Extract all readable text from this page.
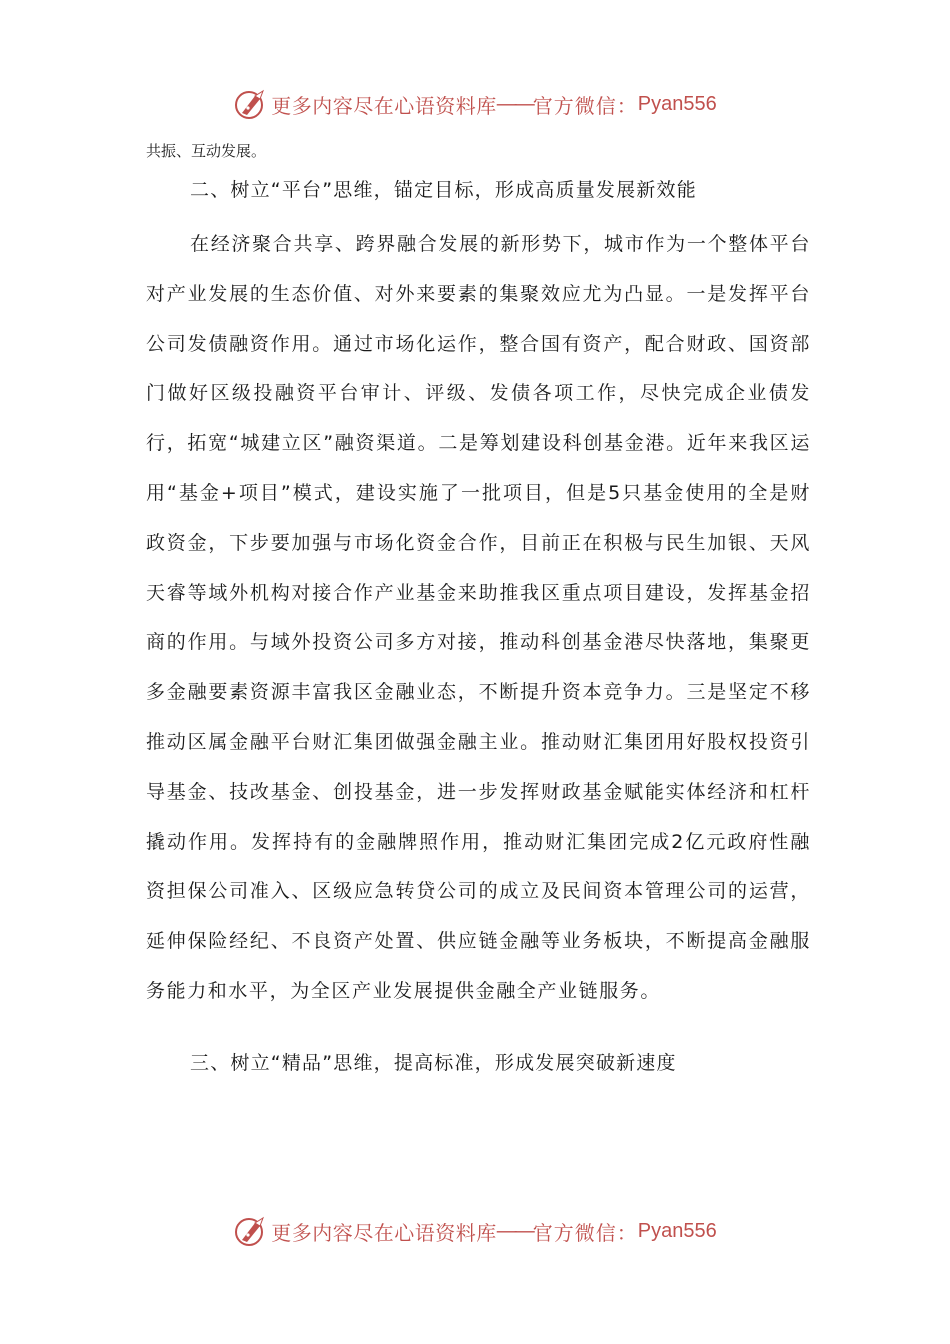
更多内容尽在心语资料库 —— 官方微信： Pyan556

共振、互动发展。

二、树立“平台”思维，锚定目标，形成高质量发展新效能

在经济聚合共享、跨界融合发展的新形势下，城市作为一个整体平台对产业发展的生态价值、对外来要素的集聚效应尤为凸显。一是发挥平台公司发债融资作用。通过市场化运作，整合国有资产，配合财政、国资部门做好区级投融资平台审计、评级、发债各项工作，尽快完成企业债发行，拓宽“城建立区”融资渠道。二是筹划建设科创基金港。近年来我区运用“基金+项目”模式，建设实施了一批项目，但是5只基金使用的全是财政资金，下步要加强与市场化资金合作，目前正在积极与民生加银、天风天睿等域外机构对接合作产业基金来助推我区重点项目建设，发挥基金招商的作用。与域外投资公司多方对接，推动科创基金港尽快落地，集聚更多金融要素资源丰富我区金融业态，不断提升资本竞争力。三是坚定不移推动区属金融平台财汇集团做强金融主业。推动财汇集团用好股权投资引导基金、技改基金、创投基金，进一步发挥财政基金赋能实体经济和杠杆撬动作用。发挥持有的金融牌照作用，推动财汇集团完成2亿元政府性融资担保公司准入、区级应急转贷公司的成立及民间资本管理公司的运营，延伸保险经纪、不良资产处置、供应链金融等业务板块，不断提高金融服务能力和水平，为全区产业发展提供金融全产业链服务。

三、树立“精品”思维，提高标准，形成发展突破新速度

更多内容尽在心语资料库 —— 官方微信： Pyan556
